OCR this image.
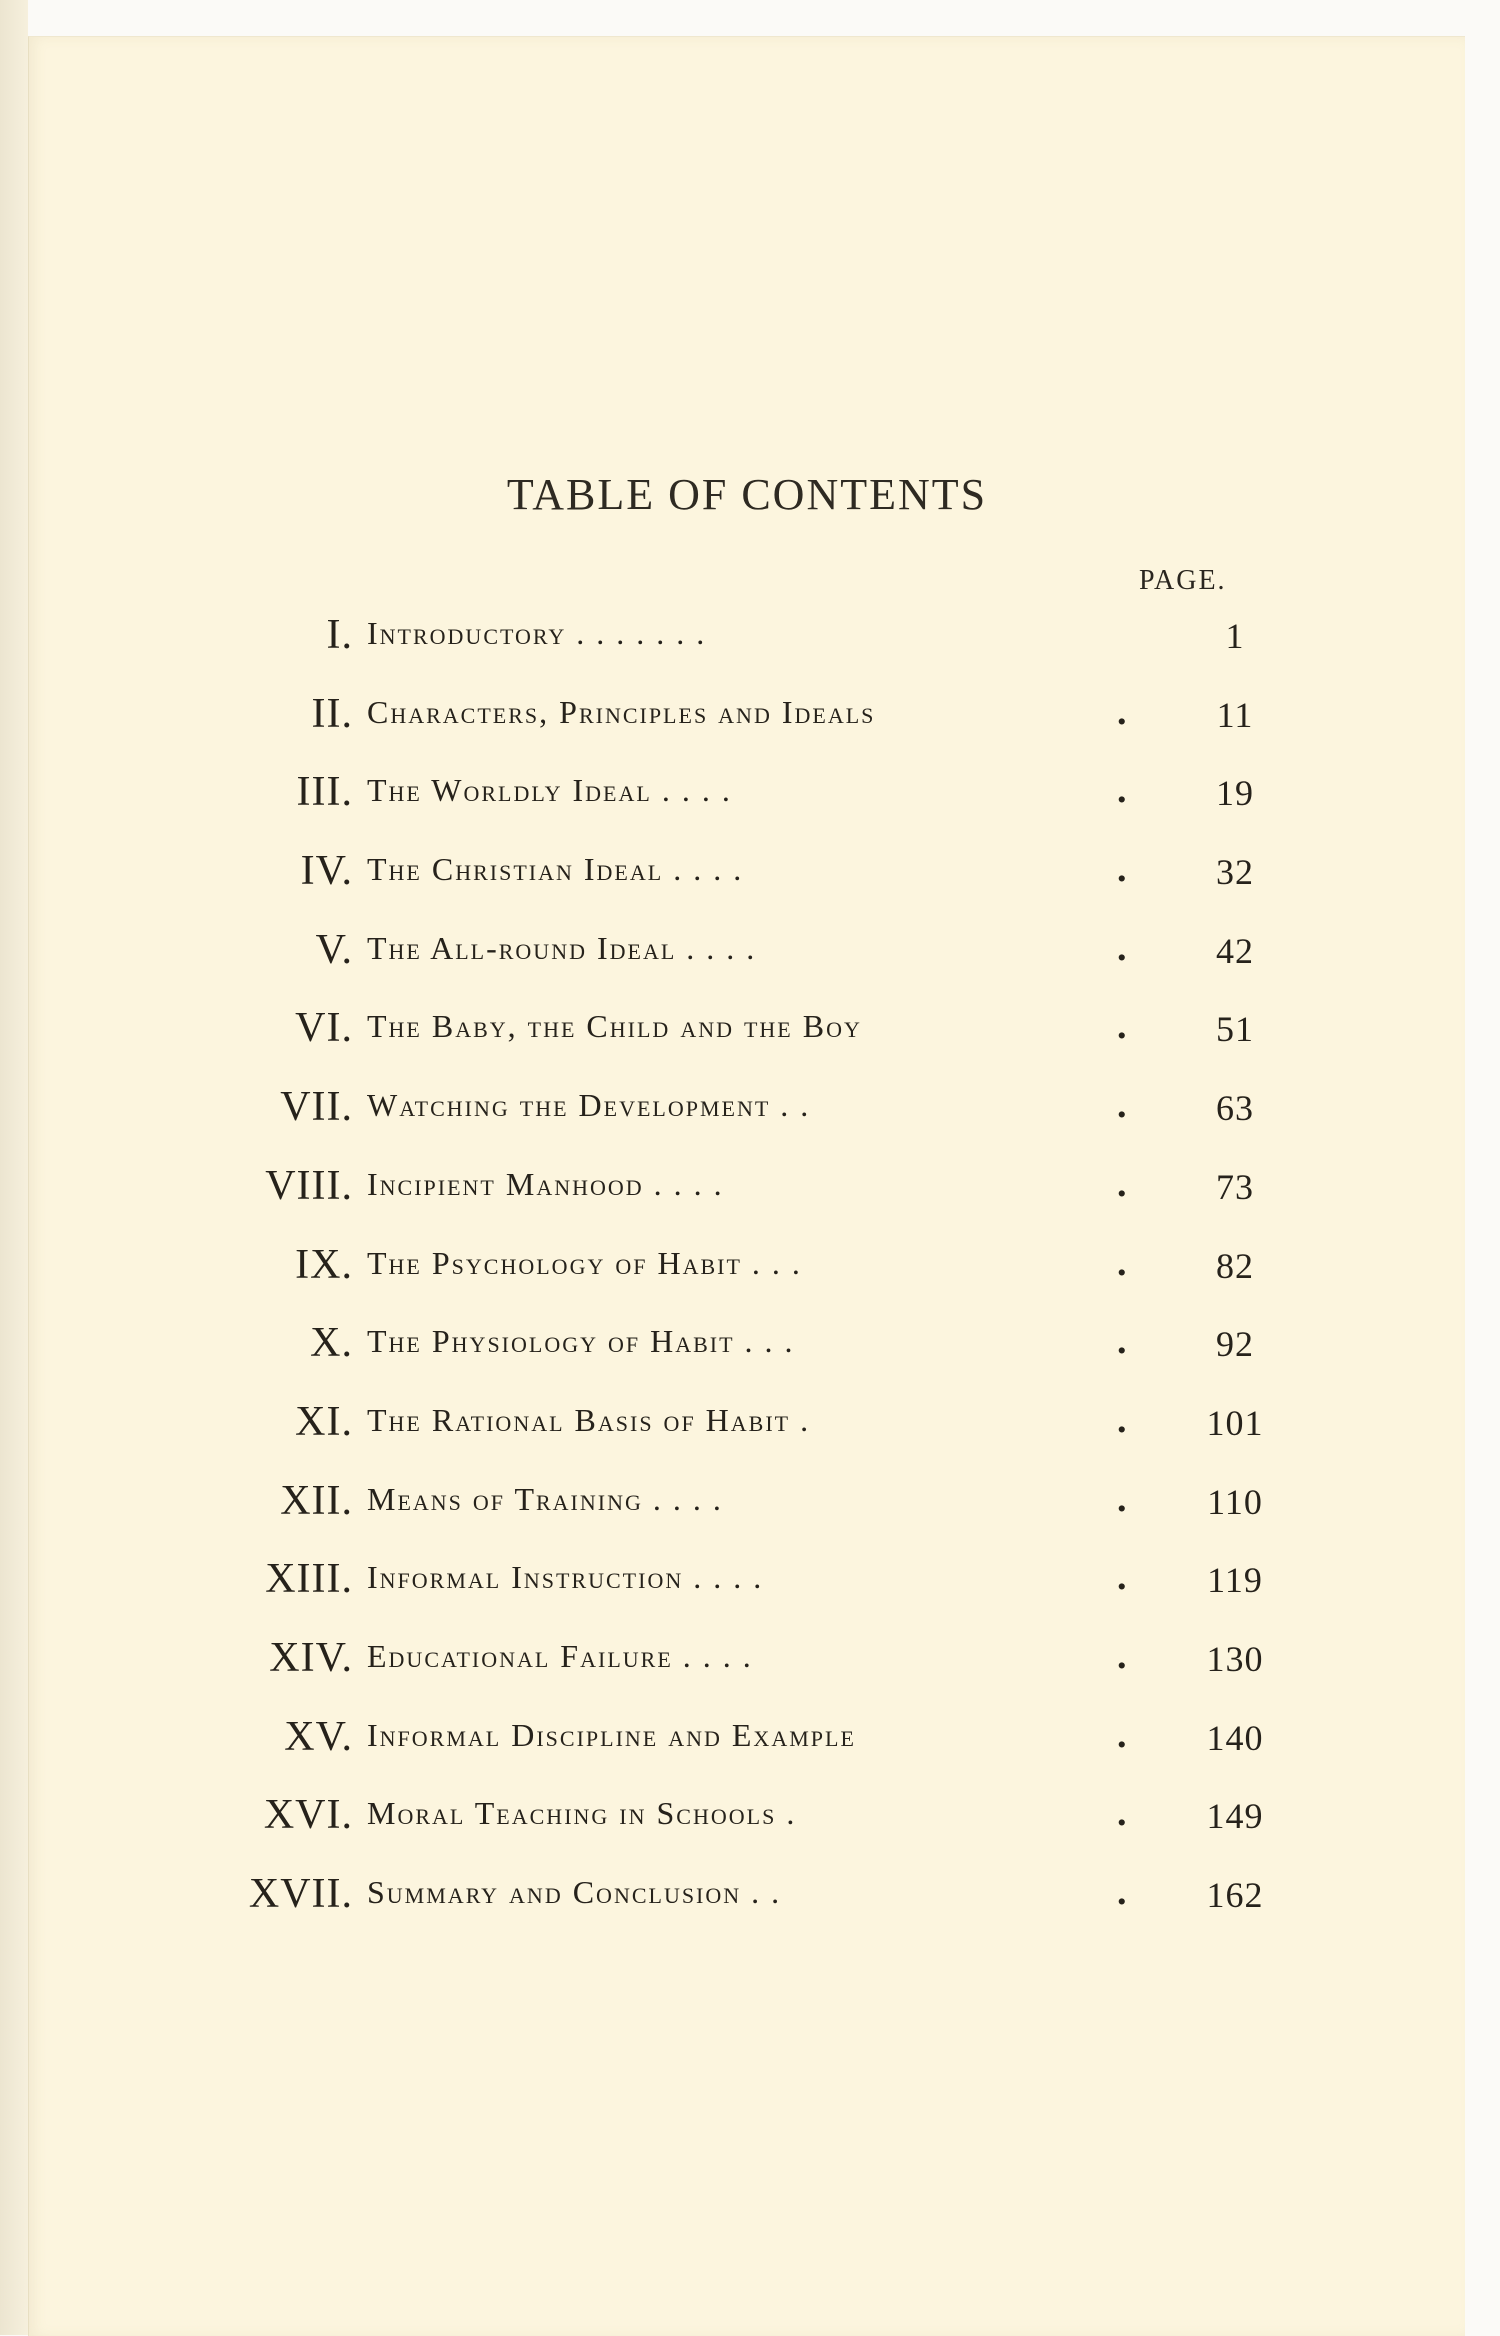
TABLE OF CONTENTS
PAGE.
I. Introductory . . . . . . .	1
II. Characters, Principles and Ideals	.	11
III. The Worldly Ideal . . . .	.	19
IV. The Christian Ideal . . . .	.	32
V. The All-round Ideal . . . .	.	42
VI. The Baby, the Child and the Boy	.	51
VII. Watching the Development . .	.	63
VIII. Incipient Manhood . . . .	.	73
IX. The Psychology of Habit . . .	.	82
X. The Physiology of Habit . . .	.	92
XI. The Rational Basis of Habit .	.	101
XII. Means of Training . . . .	.	110
XIII. Informal Instruction . . . .	.	119
XIV. Educational Failure . . . .	.	130
XV. Informal Discipline and Example	.	140
XVI. Moral Teaching in Schools .	.	149
XVII. Summary and Conclusion . .	.	162
